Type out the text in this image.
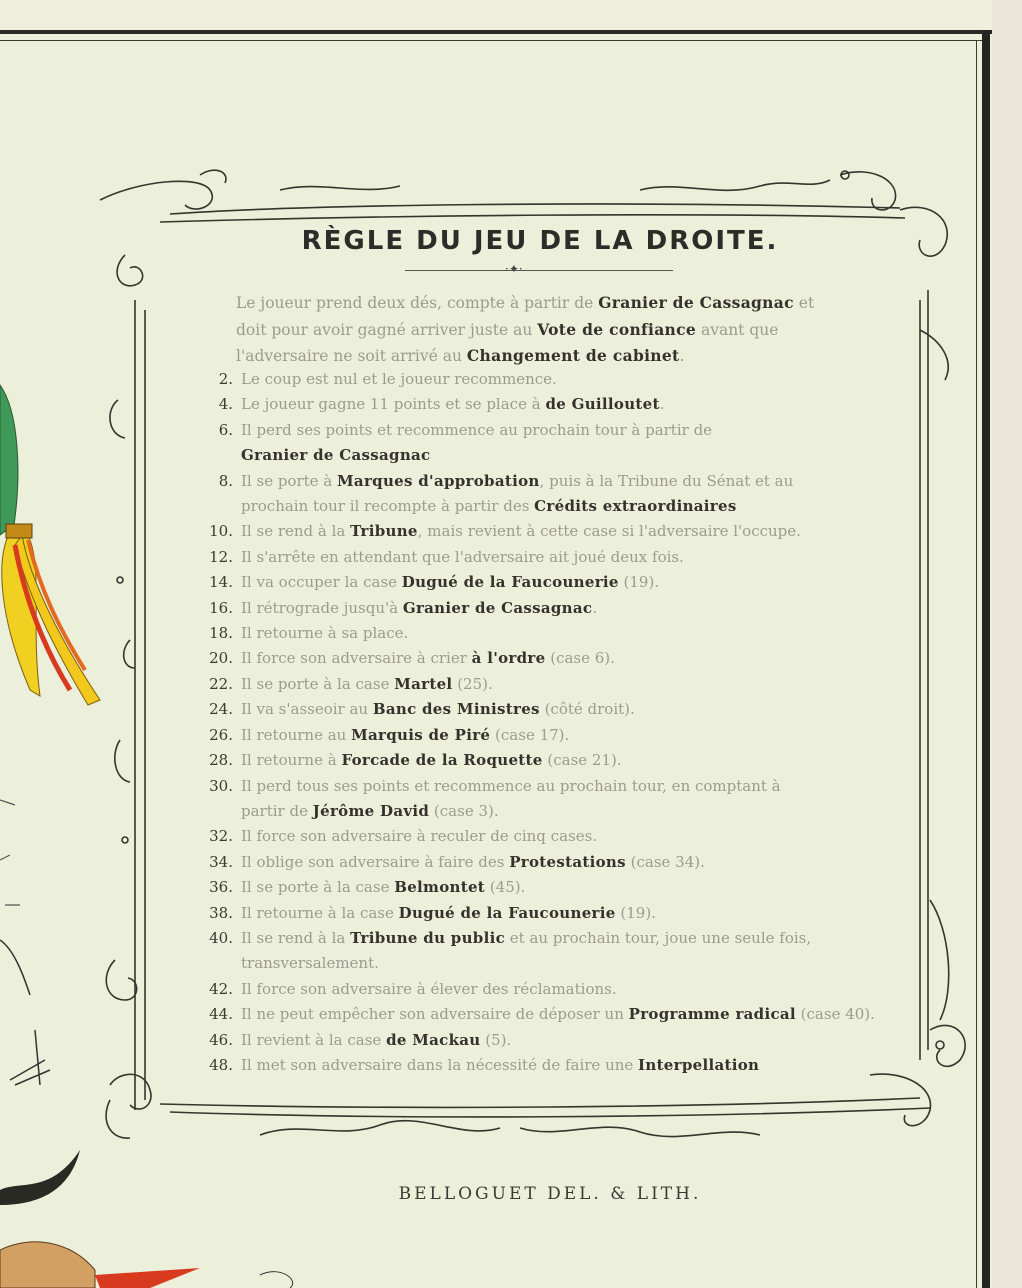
RÈGLE DU JEU DE LA DROITE.
·✦·
Le joueur prend deux dés, compte à partir de Granier de Cassagnac et
doit pour avoir gagné arriver juste au Vote de confiance avant que
l'adversaire ne soit arrivé au Changement de cabinet.
2. Le coup est nul et le joueur recommence.
4. Le joueur gagne 11 points et se place à de Guilloutet.
6. Il perd ses points et recommence au prochain tour à partir de
Granier de Cassagnac
8. Il se porte à Marques d'approbation, puis à la Tribune du Sénat et au
prochain tour il recompte à partir des Crédits extraordinaires
10. Il se rend à la Tribune, mais revient à cette case si l'adversaire l'occupe.
12. Il s'arrête en attendant que l'adversaire ait joué deux fois.
14. Il va occuper la case Dugué de la Faucounerie (19).
16. Il rétrograde jusqu'à Granier de Cassagnac.
18. Il retourne à sa place.
20. Il force son adversaire à crier à l'ordre (case 6).
22. Il se porte à la case Martel (25).
24. Il va s'asseoir au Banc des Ministres (côté droit).
26. Il retourne au Marquis de Piré (case 17).
28. Il retourne à Forcade de la Roquette (case 21).
30. Il perd tous ses points et recommence au prochain tour, en comptant à
partir de Jérôme David (case 3).
32. Il force son adversaire à reculer de cinq cases.
34. Il oblige son adversaire à faire des Protestations (case 34).
36. Il se porte à la case Belmontet (45).
38. Il retourne à la case Dugué de la Faucounerie (19).
40. Il se rend à la Tribune du public et au prochain tour, joue une seule fois,
transversalement.
42. Il force son adversaire à élever des réclamations.
44. Il ne peut empêcher son adversaire de déposer un Programme radical (case 40).
46. Il revient à la case de Mackau (5).
48. Il met son adversaire dans la nécessité de faire une Interpellation
BELLOGUET DEL. & LITH.
